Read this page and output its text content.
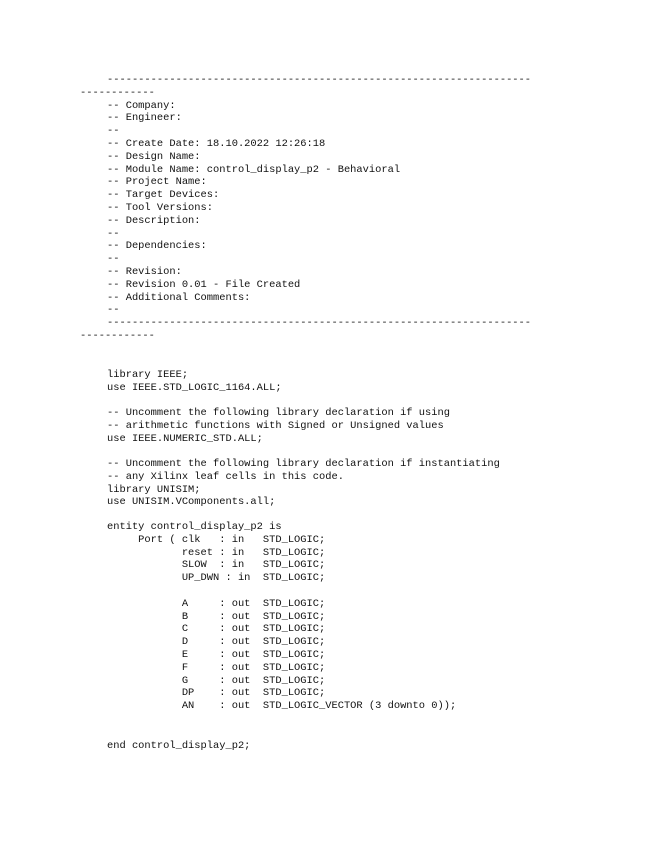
--------------------------------------------------------------------
------------
-- Company:
-- Engineer:
--
-- Create Date: 18.10.2022 12:26:18
-- Design Name:
-- Module Name: control_display_p2 - Behavioral
-- Project Name:
-- Target Devices:
-- Tool Versions:
-- Description:
--
-- Dependencies:
--
-- Revision:
-- Revision 0.01 - File Created
-- Additional Comments:
--
--------------------------------------------------------------------
------------
library IEEE;
use IEEE.STD_LOGIC_1164.ALL;
-- Uncomment the following library declaration if using
-- arithmetic functions with Signed or Unsigned values
use IEEE.NUMERIC_STD.ALL;
-- Uncomment the following library declaration if instantiating
-- any Xilinx leaf cells in this code.
library UNISIM;
use UNISIM.VComponents.all;
entity control_display_p2 is
Port ( clk   : in   STD_LOGIC;
reset : in   STD_LOGIC;
SLOW  : in   STD_LOGIC;
UP_DWN : in  STD_LOGIC;
A     : out  STD_LOGIC;
B     : out  STD_LOGIC;
C     : out  STD_LOGIC;
D     : out  STD_LOGIC;
E     : out  STD_LOGIC;
F     : out  STD_LOGIC;
G     : out  STD_LOGIC;
DP    : out  STD_LOGIC;
AN    : out  STD_LOGIC_VECTOR (3 downto 0));
end control_display_p2;
